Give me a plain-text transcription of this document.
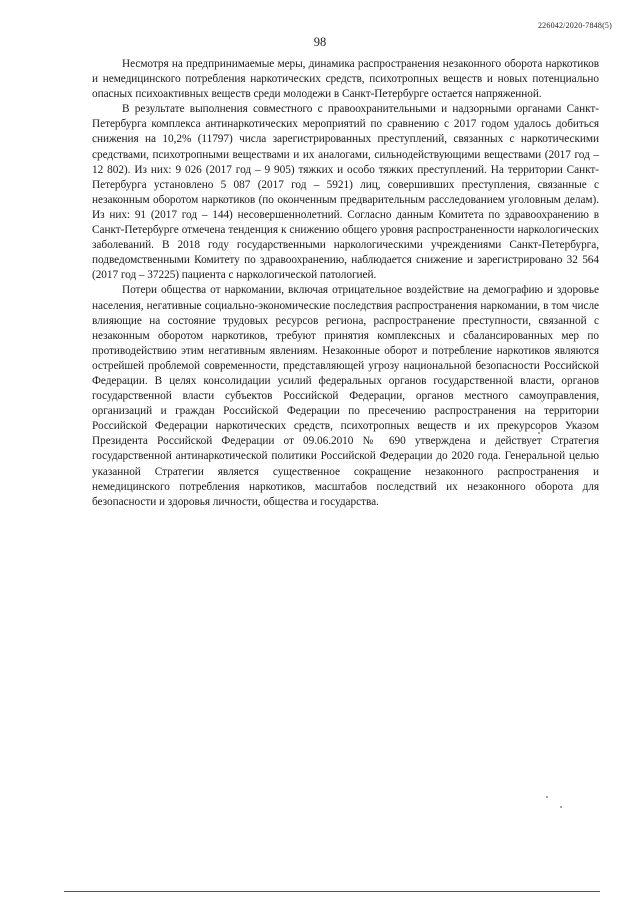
226042/2020-7848(5)
98

Несмотря на предпринимаемые меры, динамика распространения незаконного оборота наркотиков и немедицинского потребления наркотических средств, психотропных веществ и новых потенциально опасных психоактивных веществ среди молодежи в Санкт-Петербурге остается напряженной.

В результате выполнения совместного с правоохранительными и надзорными органами Санкт-Петербурга комплекса антинаркотических мероприятий по сравнению с 2017 годом удалось добиться снижения на 10,2% (11797) числа зарегистрированных преступлений, связанных с наркотическими средствами, психотропными веществами и их аналогами, сильнодействующими веществами (2017 год – 12 802). Из них: 9 026 (2017 год – 9 905) тяжких и особо тяжких преступлений. На территории Санкт-Петербурга установлено 5 087 (2017 год – 5921) лиц, совершивших преступления, связанные с незаконным оборотом наркотиков (по оконченным предварительным расследованием уголовным делам). Из них: 91 (2017 год – 144) несовершеннолетний. Согласно данным Комитета по здравоохранению в Санкт-Петербурге отмечена тенденция к снижению общего уровня распространенности наркологических заболеваний. В 2018 году государственными наркологическими учреждениями Санкт-Петербурга, подведомственными Комитету по здравоохранению, наблюдается снижение и зарегистрировано 32 564 (2017 год – 37225) пациента с наркологической патологией.

Потери общества от наркомании, включая отрицательное воздействие на демографию и здоровье населения, негативные социально-экономические последствия распространения наркомании, в том числе влияющие на состояние трудовых ресурсов региона, распространение преступности, связанной с незаконным оборотом наркотиков, требуют принятия комплексных и сбалансированных мер по противодействию этим негативным явлениям. Незаконные оборот и потребление наркотиков являются острейшей проблемой современности, представляющей угрозу национальной безопасности Российской Федерации. В целях консолидации усилий федеральных органов государственной власти, органов государственной власти субъектов Российской Федерации, органов местного самоуправления, организаций и граждан Российской Федерации по пресечению распространения на территории Российской Федерации наркотических средств, психотропных веществ и их прекурсоров Указом Президента Российской Федерации от 09.06.2010 № 690 утверждена и действует Стратегия государственной антинаркотической политики Российской Федерации до 2020 года. Генеральной целью указанной Стратегии является существенное сокращение незаконного распространения и немедицинского потребления наркотиков, масштабов последствий их незаконного оборота для безопасности и здоровья личности, общества и государства.
